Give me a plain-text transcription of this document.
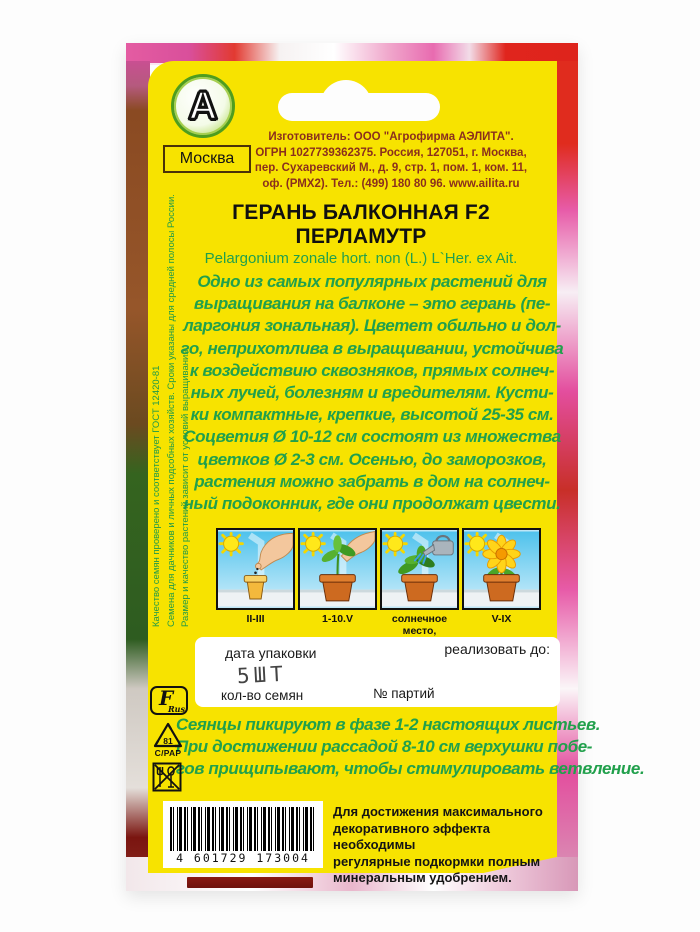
А
Москва
Изготовитель: ООО "Агрофирма АЭЛИТА".
ОГРН 1027739362375. Россия, 127051, г. Москва,
пер. Сухаревский М., д. 9, стр. 1, пом. 1, ком. 11,
оф. (РМХ2). Тел.: (499) 180 80 96. www.ailita.ru
ГЕРАНЬ БАЛКОННАЯ F2
ПЕРЛАМУТР
Pelargonium zonale hort. non (L.) L`Her. ex Ait.
Одно из самых популярных растений для
выращивания на балконе – это герань (пе-
ларгония зональная). Цветет обильно и дол-
го, неприхотлива в выращивании, устойчива
к воздействию сквозняков, прямых солнеч-
ных лучей, болезням и вредителям. Кусти-
ки компактные, крепкие, высотой 25-35 см.
Соцветия Ø 10-12 см состоят из множества
цветков Ø 2-3 см. Осенью, до заморозков,
растения можно забрать в дом на солнеч-
ный подоконник, где они продолжат цвести.
II-III	1-10.V	солнечное место,
V-IX
дата упаковки	реализовать до:
5ШТ
кол-во семян	№ партий
Сеянцы пикируют в фазе 1-2 настоящих листьев.
При достижении рассадой 8-10 см верхушки побе-
гов прищипывают, чтобы стимулировать ветвление.
4 601729 173004
Для достижения максимального
декоративного эффекта необходимы
регулярные подкормки полным
минеральным удобрением.
Качество семян проверено и соответствует ГОСТ 12420-81 Семена для дачников и личных подсобных хозяйств. Сроки указаны для средней полосы России. Размер и качество растений зависит от условий выращивания.
F
Rus
81
С/РАР
